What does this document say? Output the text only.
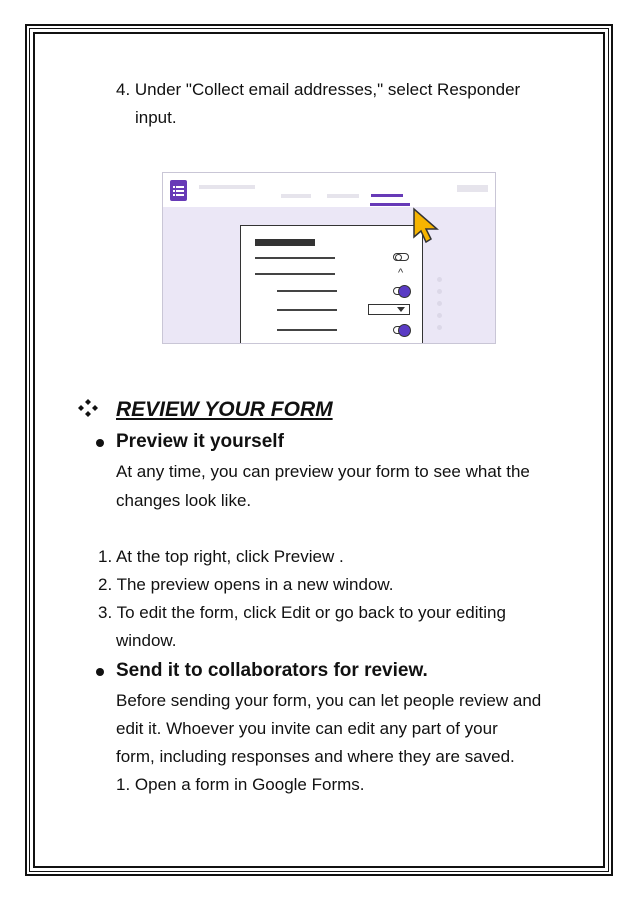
4. Under "Collect email addresses," select Responder
input.
^
REVIEW YOUR FORM
Preview it yourself
At any time, you can preview your form to see what the
changes look like.
1. At the top right, click Preview .
2. The preview opens in a new window.
3. To edit the form, click Edit or go back to your editing
window.
Send it to collaborators for review.
Before sending your form, you can let people review and
edit it. Whoever you invite can edit any part of your
form, including responses and where they are saved.
1. Open a form in Google Forms.
